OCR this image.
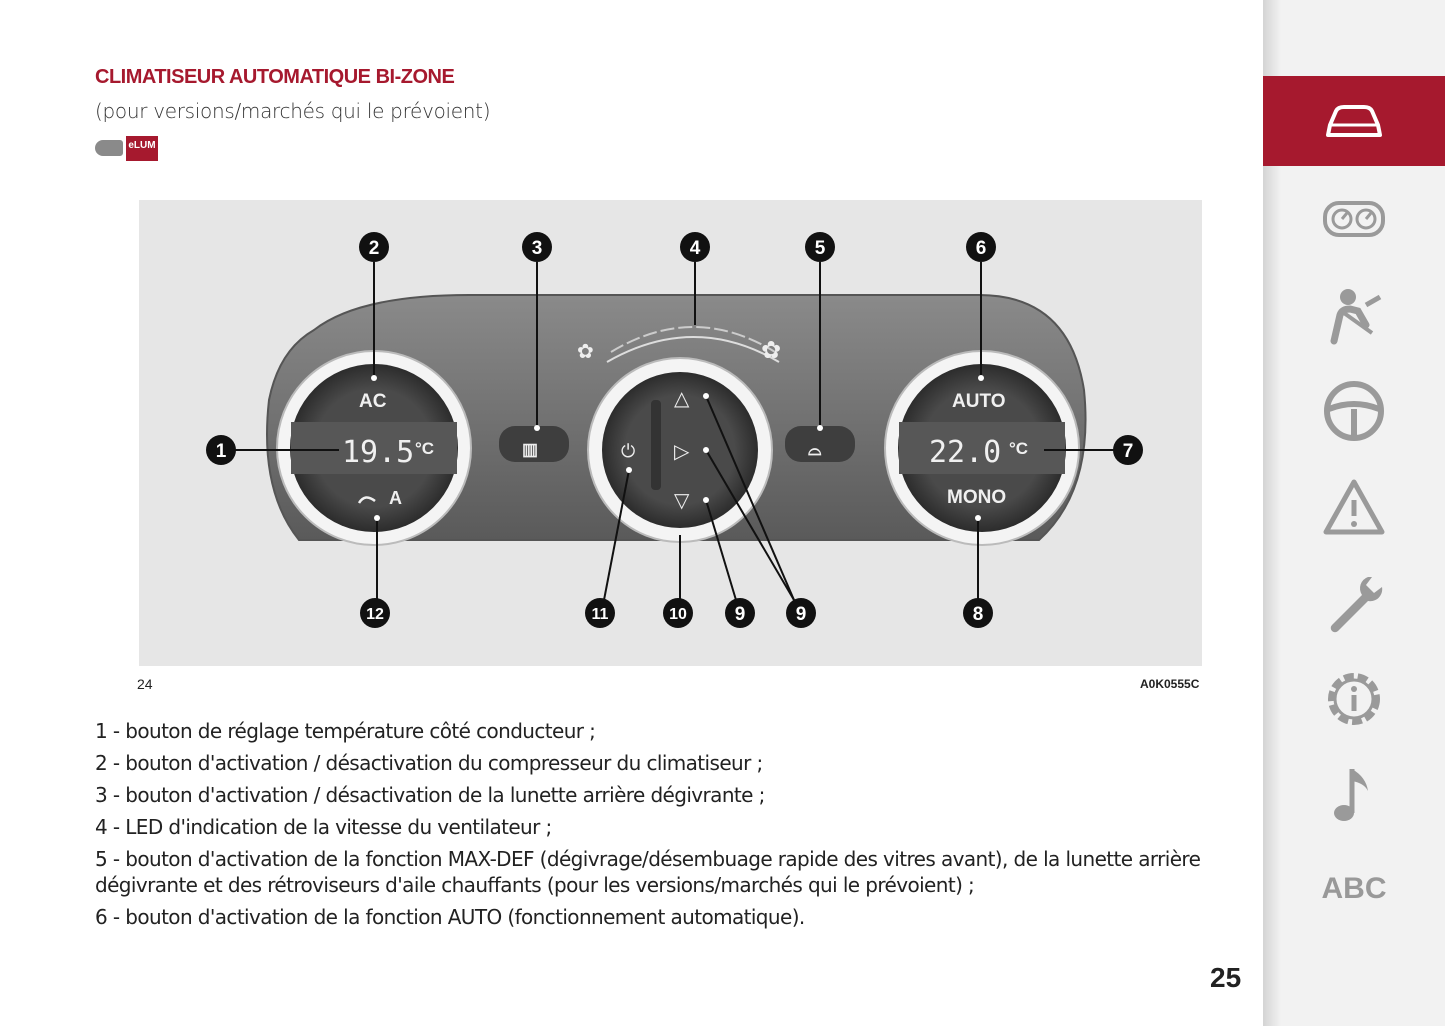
CLIMATISEUR AUTOMATIQUE BI-ZONE
(pour versions/marchés qui le prévoient)
eLUM
✿	✿
AC
19.5 °C
A
AUTO
22.0 °C
MONO
△
▷
▽
⏻
▥	⌓
1
2	3	4	5	6
7
8
9	9
10
11
12
24	A0K0555C

1 - bouton de réglage température côté conducteur ;

2 - bouton d'activation / désactivation du compresseur du climatiseur ;

3 - bouton d'activation / désactivation de la lunette arrière dégivrante ;

4 - LED d'indication de la vitesse du ventilateur ;

5 - bouton d'activation de la fonction MAX-DEF (dégivrage/désembuage rapide des vitres avant), de la lunette arrière dégivrante et des rétroviseurs d'aile chauffants (pour les versions/marchés qui le prévoient) ;

6 - bouton d'activation de la fonction AUTO (fonctionnement automatique).

25
ABC
